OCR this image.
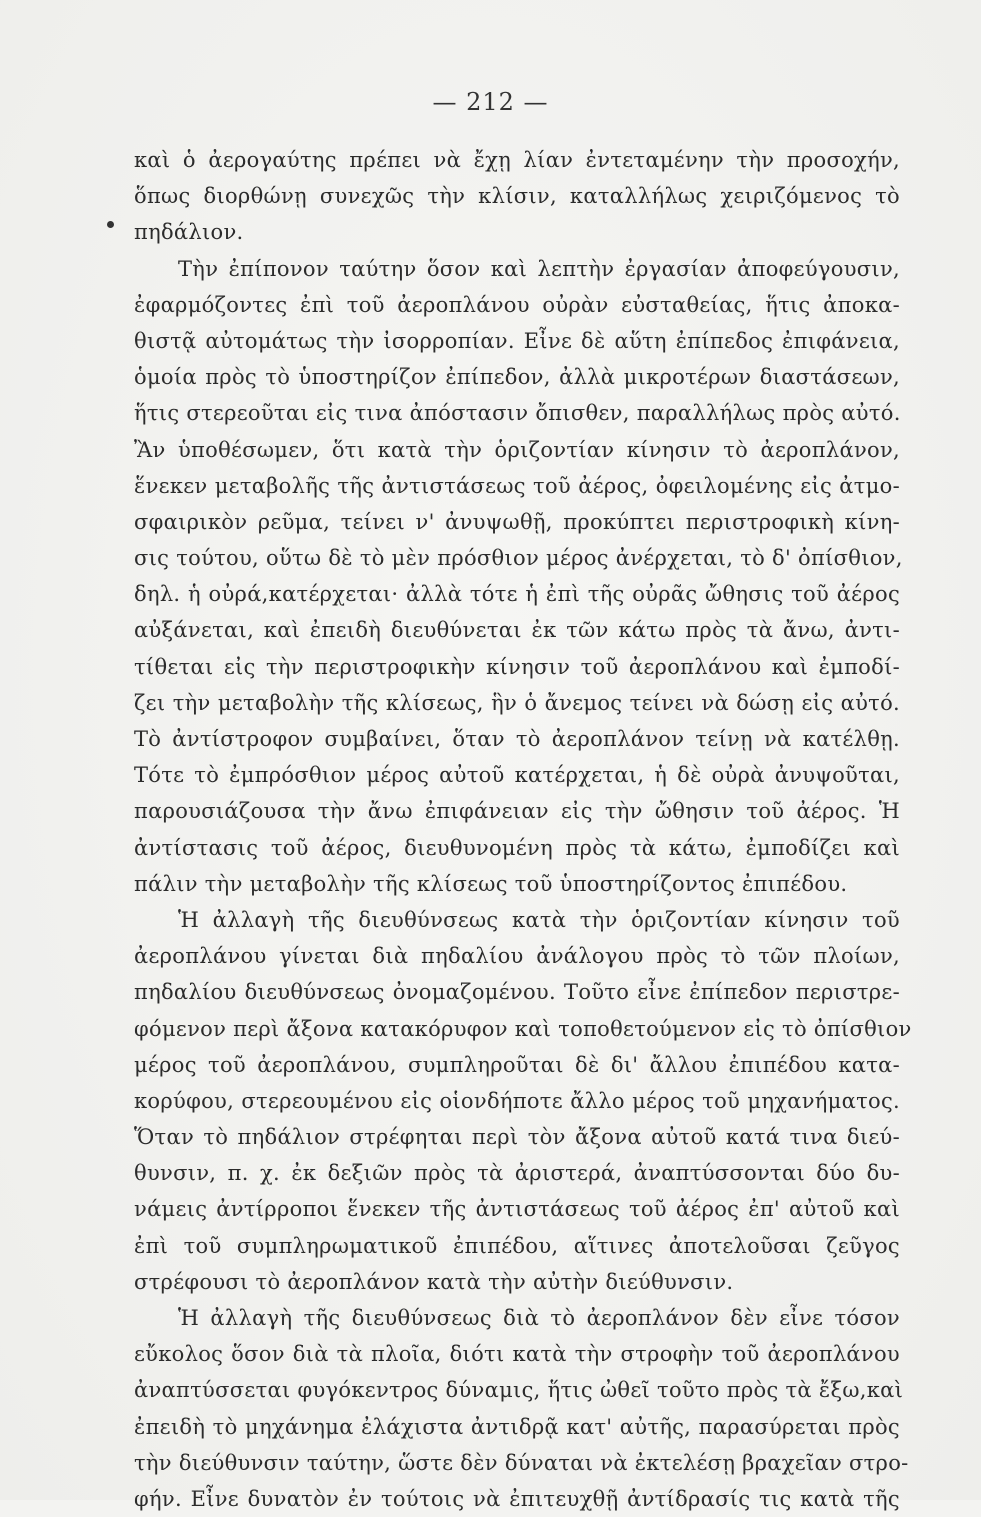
— 212 —
καὶ ὁ ἀερογαύτης πρέπει νὰ ἔχῃ λίαν ἐντεταμένην τὴν προσοχήν,
ὅπως διορθώνῃ συνεχῶς τὴν κλίσιν, καταλλήλως χειριζόμενος τὸ
πηδάλιον.
Τὴν ἐπίπονον ταύτην ὅσον καὶ λεπτὴν ἐργασίαν ἀποφεύγουσιν,
ἐφαρμόζοντες ἐπὶ τοῦ ἀεροπλάνου οὐρὰν εὐσταθείας, ἥτις ἀποκα-
θιστᾷ αὐτομάτως τὴν ἰσορροπίαν. Εἶνε δὲ αὕτη ἐπίπεδος ἐπιφάνεια,
ὁμοία πρὸς τὸ ὑποστηρίζον ἐπίπεδον, ἀλλὰ μικροτέρων διαστάσεων,
ἥτις στερεοῦται εἰς τινα ἀπόστασιν ὄπισθεν, παραλλήλως πρὸς αὐτό.
Ἂν ὑποθέσωμεν, ὅτι κατὰ τὴν ὁριζοντίαν κίνησιν τὸ ἀεροπλάνον,
ἕνεκεν μεταβολῆς τῆς ἀντιστάσεως τοῦ ἀέρος, ὀφειλομένης εἰς ἀτμο-
σφαιρικὸν ρεῦμα, τείνει ν' ἀνυψωθῇ, προκύπτει περιστροφικὴ κίνη-
σις τούτου, οὕτω δὲ τὸ μὲν πρόσθιον μέρος ἀνέρχεται, τὸ δ' ὀπίσθιον,
δηλ. ἡ οὐρά,κατέρχεται· ἀλλὰ τότε ἡ ἐπὶ τῆς οὐρᾶς ὤθησις τοῦ ἀέρος
αὐξάνεται, καὶ ἐπειδὴ διευθύνεται ἐκ τῶν κάτω πρὸς τὰ ἄνω, ἀντι-
τίθεται εἰς τὴν περιστροφικὴν κίνησιν τοῦ ἀεροπλάνου καὶ ἐμποδί-
ζει τὴν μεταβολὴν τῆς κλίσεως, ἣν ὁ ἄνεμος τείνει νὰ δώσῃ εἰς αὐτό.
Τὸ ἀντίστροφον συμβαίνει, ὅταν τὸ ἀεροπλάνον τείνῃ νὰ κατέλθῃ.
Τότε τὸ ἐμπρόσθιον μέρος αὐτοῦ κατέρχεται, ἡ δὲ οὐρὰ ἀνυψοῦται,
παρουσιάζουσα τὴν ἄνω ἐπιφάνειαν εἰς τὴν ὤθησιν τοῦ ἀέρος. Ἡ
ἀντίστασις τοῦ ἀέρος, διευθυνομένη πρὸς τὰ κάτω, ἐμποδίζει καὶ
πάλιν τὴν μεταβολὴν τῆς κλίσεως τοῦ ὑποστηρίζοντος ἐπιπέδου.
Ἡ ἀλλαγὴ τῆς διευθύνσεως κατὰ τὴν ὁριζοντίαν κίνησιν τοῦ
ἀεροπλάνου γίνεται διὰ πηδαλίου ἀνάλογου πρὸς τὸ τῶν πλοίων,
πηδαλίου διευθύνσεως ὀνομαζομένου. Τοῦτο εἶνε ἐπίπεδον περιστρε-
φόμενον περὶ ἄξονα κατακόρυφον καὶ τοποθετούμενον εἰς τὸ ὀπίσθιον
μέρος τοῦ ἀεροπλάνου, συμπληροῦται δὲ δι' ἄλλου ἐπιπέδου κατα-
κορύφου, στερεουμένου εἰς οἱονδήποτε ἄλλο μέρος τοῦ μηχανήματος.
Ὅταν τὸ πηδάλιον στρέφηται περὶ τὸν ἄξονα αὐτοῦ κατά τινα διεύ-
θυνσιν, π. χ. ἐκ δεξιῶν πρὸς τὰ ἀριστερά, ἀναπτύσσονται δύο δυ-
νάμεις ἀντίρροποι ἕνεκεν τῆς ἀντιστάσεως τοῦ ἀέρος ἐπ' αὐτοῦ καὶ
ἐπὶ τοῦ συμπληρωματικοῦ ἐπιπέδου, αἵτινες ἀποτελοῦσαι ζεῦγος
στρέφουσι τὸ ἀεροπλάνον κατὰ τὴν αὐτὴν διεύθυνσιν.
Ἡ ἀλλαγὴ τῆς διευθύνσεως διὰ τὸ ἀεροπλάνον δὲν εἶνε τόσον
εὔκολος ὅσον διὰ τὰ πλοῖα, διότι κατὰ τὴν στροφὴν τοῦ ἀεροπλάνου
ἀναπτύσσεται φυγόκεντρος δύναμις, ἥτις ὠθεῖ τοῦτο πρὸς τὰ ἔξω,καὶ
ἐπειδὴ τὸ μηχάνημα ἐλάχιστα ἀντιδρᾷ κατ' αὐτῆς, παρασύρεται πρὸς
τὴν διεύθυνσιν ταύτην, ὥστε δὲν δύναται νὰ ἐκτελέσῃ βραχεῖαν στρο-
φήν. Εἶνε δυνατὸν ἐν τούτοις νὰ ἐπιτευχθῇ ἀντίδρασίς τις κατὰ τῆς
